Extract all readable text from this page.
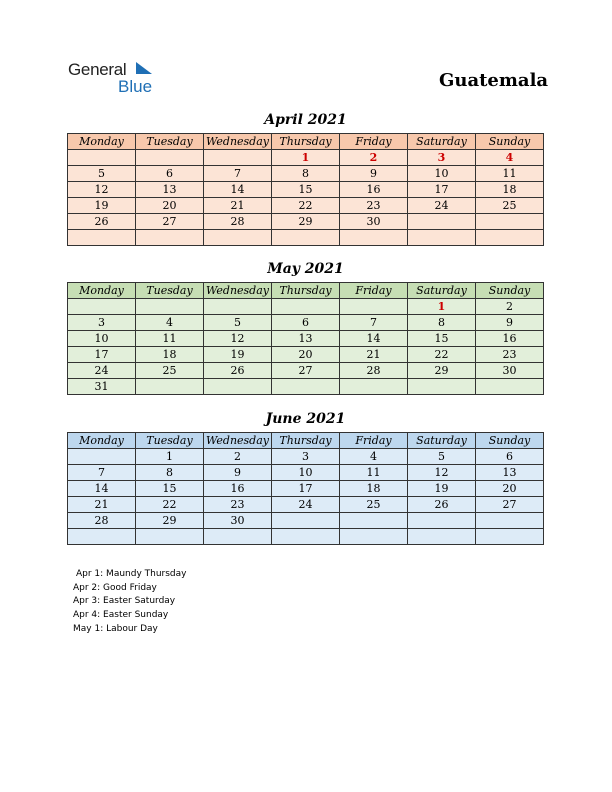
General
Blue	Guatemala
April 2021
Monday	Tuesday	Wednesday	Thursday	Friday	Saturday	Sunday
			1	2	3	4
5	6	7	8	9	10	11
12	13	14	15	16	17	18
19	20	21	22	23	24	25
26	27	28	29	30		

May 2021
Monday	Tuesday	Wednesday	Thursday	Friday	Saturday	Sunday
					1	2
3	4	5	6	7	8	9
10	11	12	13	14	15	16
17	18	19	20	21	22	23
24	25	26	27	28	29	30
31						
June 2021
Monday	Tuesday	Wednesday	Thursday	Friday	Saturday	Sunday
	1	2	3	4	5	6
7	8	9	10	11	12	13
14	15	16	17	18	19	20
21	22	23	24	25	26	27
28	29	30				

Apr 1: Maundy Thursday
Apr 2: Good Friday
Apr 3: Easter Saturday
Apr 4: Easter Sunday
May 1: Labour Day
